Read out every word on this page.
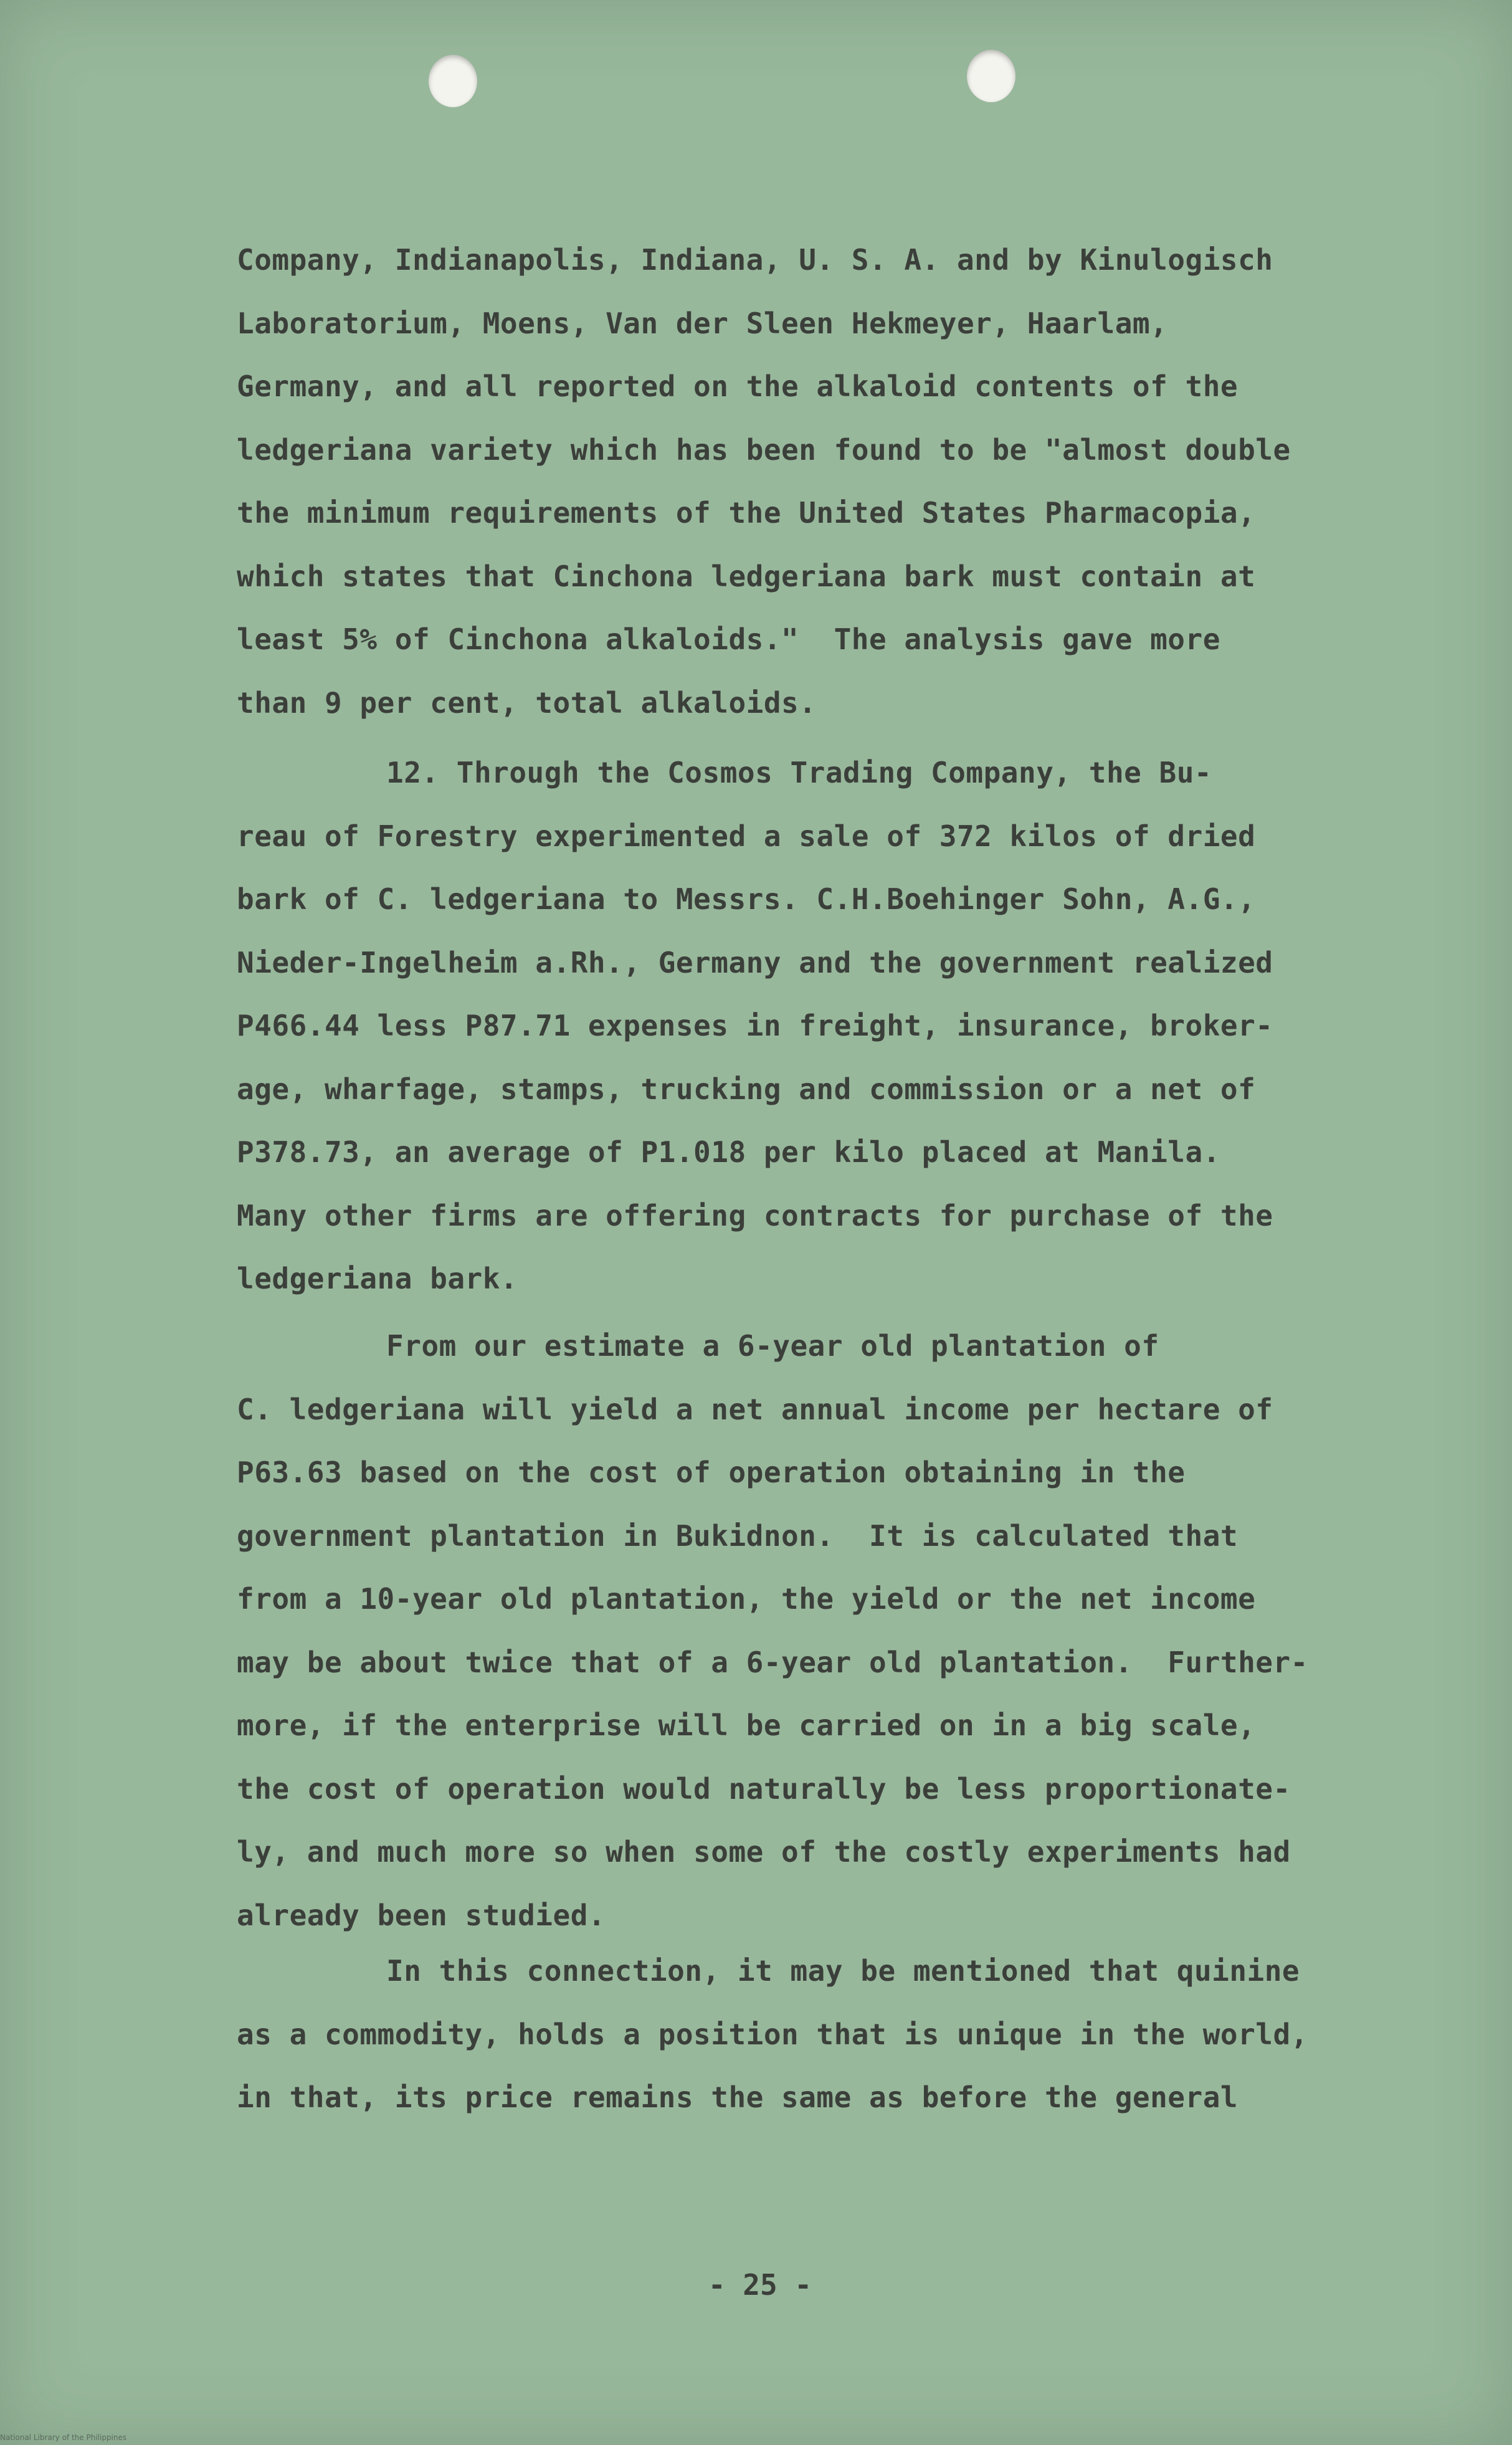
Company, Indianapolis, Indiana, U. S. A. and by Kinulogisch
Laboratorium, Moens, Van der Sleen Hekmeyer, Haarlam,
Germany, and all reported on the alkaloid contents of the
ledgeriana variety which has been found to be "almost double
the minimum requirements of the United States Pharmacopia,
which states that Cinchona ledgeriana bark must contain at
least 5% of Cinchona alkaloids."  The analysis gave more
than 9 per cent, total alkaloids.
12. Through the Cosmos Trading Company, the Bu-
reau of Forestry experimented a sale of 372 kilos of dried
bark of C. ledgeriana to Messrs. C.H.Boehinger Sohn, A.G.,
Nieder-Ingelheim a.Rh., Germany and the government realized
P466.44 less P87.71 expenses in freight, insurance, broker-
age, wharfage, stamps, trucking and commission or a net of
P378.73, an average of P1.018 per kilo placed at Manila.
Many other firms are offering contracts for purchase of the
ledgeriana bark.
From our estimate a 6-year old plantation of
C. ledgeriana will yield a net annual income per hectare of
P63.63 based on the cost of operation obtaining in the
government plantation in Bukidnon.  It is calculated that
from a 10-year old plantation, the yield or the net income
may be about twice that of a 6-year old plantation.  Further-
more, if the enterprise will be carried on in a big scale,
the cost of operation would naturally be less proportionate-
ly, and much more so when some of the costly experiments had
already been studied.
In this connection, it may be mentioned that quinine
as a commodity, holds a position that is unique in the world,
in that, its price remains the same as before the general
- 25 -
National Library of the Philippines
